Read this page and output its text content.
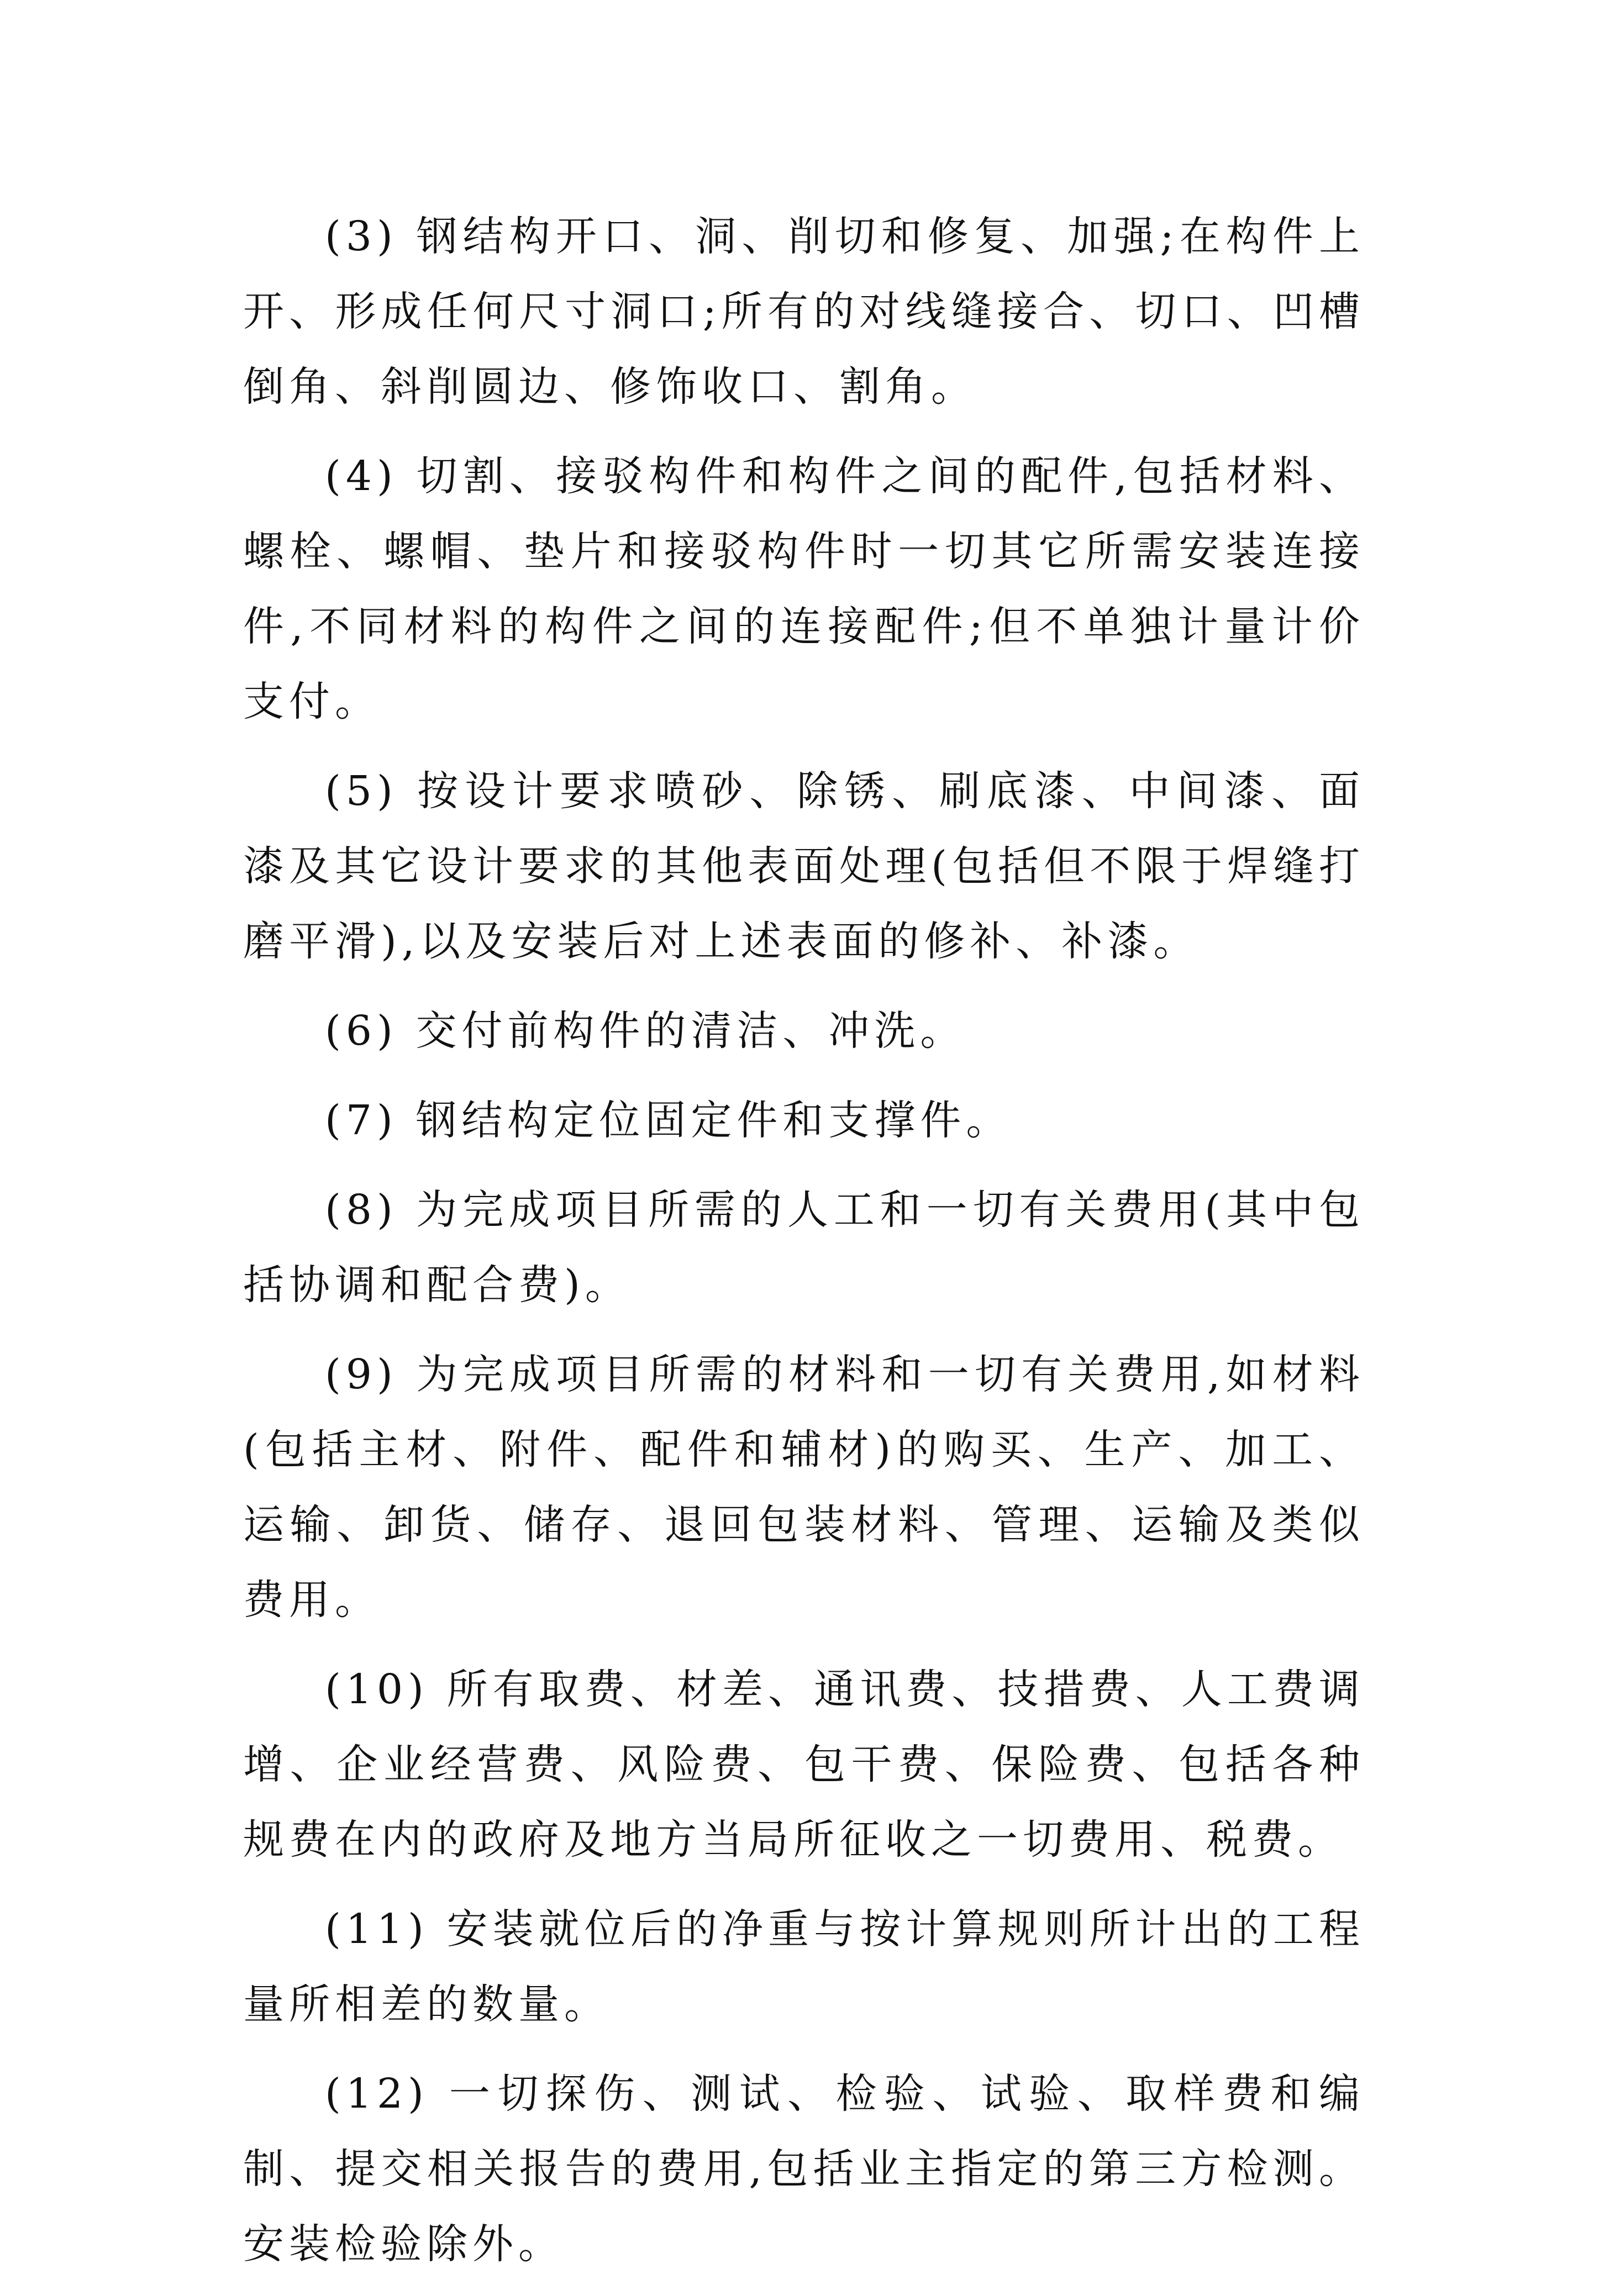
(3) 钢结构开口、洞、削切和修复、加强;在构件上开、形成任何尺寸洞口;所有的对线缝接合、切口、凹槽倒角、斜削圆边、修饰收口、割角。

(4) 切割、接驳构件和构件之间的配件,包括材料、螺栓、螺帽、垫片和接驳构件时一切其它所需安装连接件,不同材料的构件之间的连接配件;但不单独计量计价支付。

(5) 按设计要求喷砂、除锈、刷底漆、中间漆、面漆及其它设计要求的其他表面处理(包括但不限于焊缝打磨平滑),以及安装后对上述表面的修补、补漆。

(6) 交付前构件的清洁、冲洗。

(7) 钢结构定位固定件和支撑件。

(8) 为完成项目所需的人工和一切有关费用(其中包括协调和配合费)。

(9) 为完成项目所需的材料和一切有关费用,如材料(包括主材、附件、配件和辅材)的购买、生产、加工、运输、卸货、储存、退回包装材料、管理、运输及类似费用。

(10) 所有取费、材差、通讯费、技措费、人工费调增、企业经营费、风险费、包干费、保险费、包括各种规费在内的政府及地方当局所征收之一切费用、税费。

(11) 安装就位后的净重与按计算规则所计出的工程量所相差的数量。

(12) 一切探伤、测试、检验、试验、取样费和编制、提交相关报告的费用,包括业主指定的第三方检测。安装检验除外。
